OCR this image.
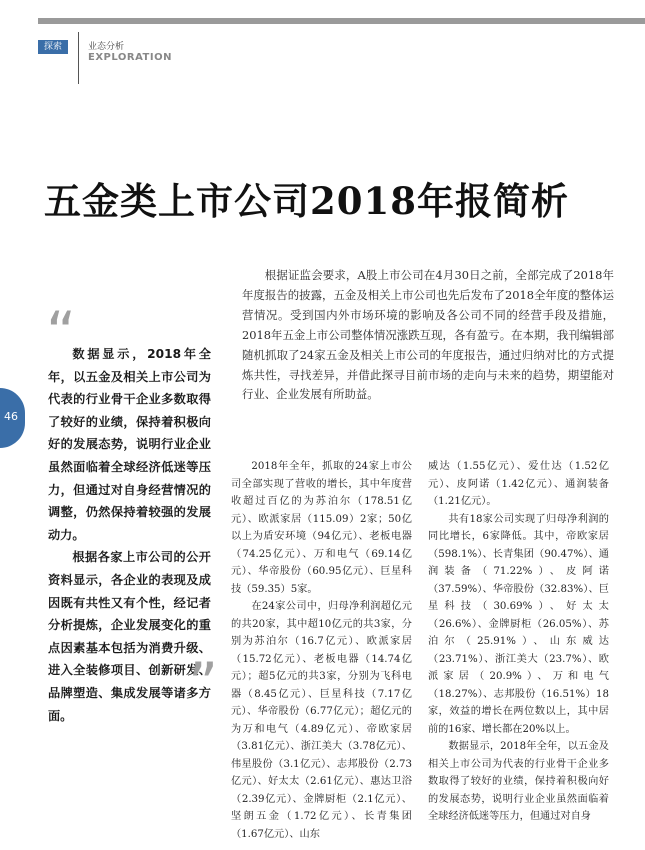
探索	业态分析
EXPLORATION
五金类上市公司2018年报简析

根据证监会要求，A股上市公司在4月30日之前，全部完成了2018年年度报告的披露，五金及相关上市公司也先后发布了2018全年度的整体运营情况。受到国内外市场环境的影响及各公司不同的经营手段及措施，2018年五金上市公司整体情况涨跌互现，各有盈亏。在本期，我刊编辑部随机抓取了24家五金及相关上市公司的年度报告，通过归纳对比的方式提炼共性，寻找差异，并借此探寻目前市场的走向与未来的趋势，期望能对行业、企业发展有所助益。

“

数据显示，2018年全年，以五金及相关上市公司为代表的行业骨干企业多数取得了较好的业绩，保持着积极向好的发展态势，说明行业企业虽然面临着全球经济低迷等压力，但通过对自身经营情况的调整，仍然保持着较强的发展动力。

根据各家上市公司的公开资料显示，各企业的表现及成因既有共性又有个性，经记者分析提炼，企业发展变化的重点因素基本包括为消费升级、进入全装修项目、创新研发、品牌塑造、集成发展等诸多方面。	”
46

2018年全年，抓取的24家上市公司全部实现了营收的增长，其中年度营收超过百亿的为苏泊尔（178.51亿元）、欧派家居（115.09）2家；50亿以上为盾安环境（94亿元）、老板电器（74.25亿元）、万和电气（69.14亿元）、华帝股份（60.95亿元）、巨星科技（59.35）5家。

在24家公司中，归母净利润超亿元的共20家，其中超10亿元的共3家，分别为苏泊尔（16.7亿元）、欧派家居（15.72亿元）、老板电器（14.74亿元）；超5亿元的共3家，分别为飞科电器（8.45亿元）、巨星科技（7.17亿元）、华帝股份（6.77亿元）；超亿元的为万和电气（4.89亿元）、帝欧家居（3.81亿元）、浙江美大（3.78亿元）、伟星股份（3.1亿元）、志邦股份（2.73亿元）、好太太（2.61亿元）、惠达卫浴（2.39亿元）、金牌厨柜（2.1亿元）、坚朗五金（1.72亿元）、长青集团（1.67亿元）、山东

威达（1.55亿元）、爱仕达（1.52亿元）、皮阿诺（1.42亿元）、通润装备（1.21亿元）。

共有18家公司实现了归母净利润的同比增长，6家降低。其中，帝欧家居（598.1%）、长青集团（90.47%）、通润装备（71.22%）、皮阿诺（37.59%）、华帝股份（32.83%）、巨星科技（30.69%）、好太太（26.6%）、金牌厨柜（26.05%）、苏泊尔（25.91%）、山东威达（23.71%）、浙江美大（23.7%）、欧派家居（20.9%）、万和电气（18.27%）、志邦股份（16.51%）18家，效益的增长在两位数以上，其中居前的16家、增长都在20%以上。

数据显示，2018年全年，以五金及相关上市公司为代表的行业骨干企业多数取得了较好的业绩，保持着积极向好的发展态势，说明行业企业虽然面临着全球经济低迷等压力，但通过对自身
